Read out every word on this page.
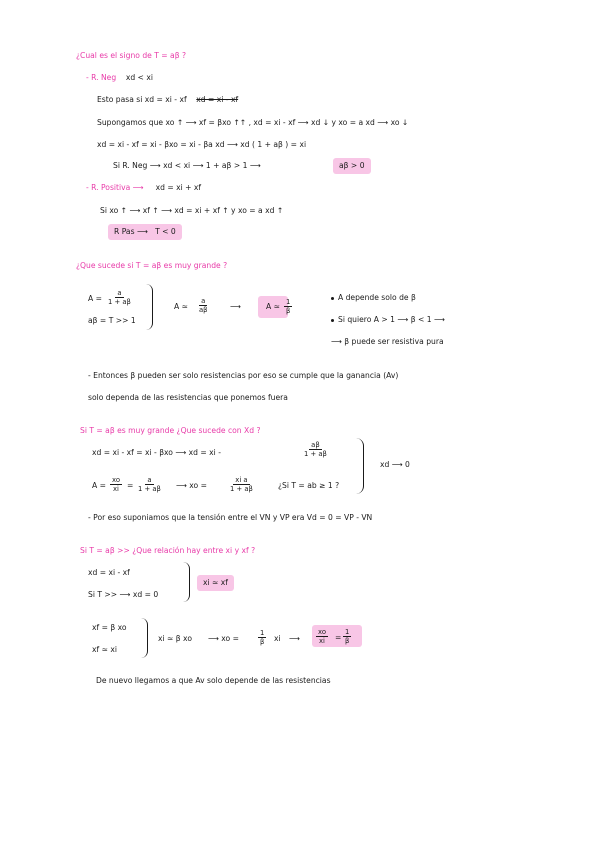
¿Cual es el signo de T = aβ ?
- R. Neg xd < xi
Esto pasa si xd = xi - xf xd = xi - xf
Supongamos que xo ↑ ⟶ xf = βxo ↑↑ , xd = xi - xf ⟶ xd ↓ y xo = a xd ⟶ xo ↓
xd = xi - xf = xi - βxo = xi - βa xd ⟶ xd ( 1 + aβ ) = xi
Si R. Neg ⟶ xd < xi ⟶ 1 + aβ > 1 ⟶	aβ > 0
- R. Positiva ⟶ xd = xi + xf
Si xo ↑ ⟶ xf ↑ ⟶ xd = xi + xf ↑ y xo = a xd ↑
R Pas ⟶ T < 0
¿Que sucede si T = aβ es muy grande ?
$A = \frac{a}{1 + a\beta}$
aβ = T >> 1
A ≃ $\frac{a}{a\beta}$	⟶	A ≃ $\frac{1}{\beta}$
A depende solo de β
Si quiero A > 1 ⟶ β < 1 ⟶
⟶ β puede ser resistiva pura
- Entonces β pueden ser solo resistencias por eso se cumple que la ganancia (Av)
solo dependa de las resistencias que ponemos fuera
Si T = aβ es muy grande ¿Que sucede con Xd ?
xd = xi - xf = xi - βxo ⟶ xd = xi -	$\frac{a\beta}{1 + a\beta}$
$A = \frac{xo}{xi} = \frac{a}{1 + a\beta}$ ⟶ xo =	$\frac{\text{xi a}}{1 + a\beta}$	¿Si T = ab ≥ 1 ?
xd ⟶ 0
- Por eso suponiamos que la tensión entre el VN y VP era Vd = 0 = VP - VN
Si T = aβ >> ¿Que relación hay entre xi y xf ?
xd = xi - xf
Si T >> ⟶ xd = 0
xi ≃ xf
xf = β xo
xf ≃ xi
xi ≃ β xo ⟶ xo =	$\frac{1}{\beta}$ xi ⟶ $\frac{xo}{xi} = \frac{1}{\beta}$
De nuevo llegamos a que Av solo depende de las resistencias
